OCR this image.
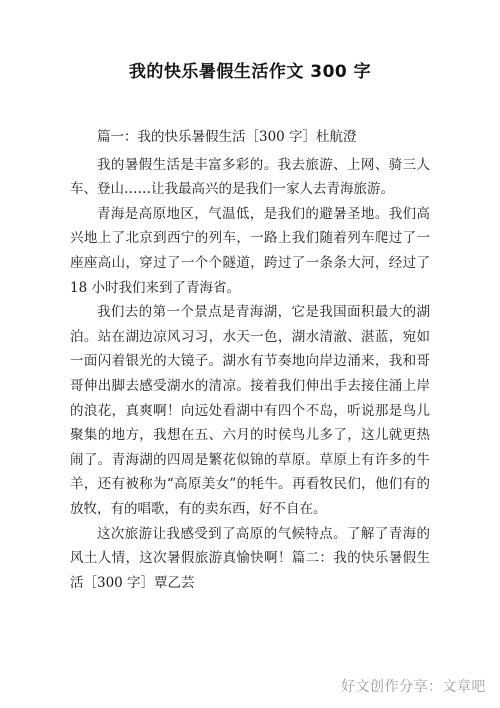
我的快乐暑假生活作文 300 字

篇一：我的快乐暑假生活［300 字］杜航澄

我的暑假生活是丰富多彩的。我去旅游、上网、骑三人车、登山……让我最高兴的是我们一家人去青海旅游。

青海是高原地区，气温低，是我们的避暑圣地。我们高兴地上了北京到西宁的列车，一路上我们随着列车爬过了一座座高山，穿过了一个个隧道，跨过了一条条大河，经过了 18 小时我们来到了青海省。

我们去的第一个景点是青海湖，它是我国面积最大的湖泊。站在湖边凉风习习，水天一色，湖水清澈、湛蓝，宛如一面闪着银光的大镜子。湖水有节奏地向岸边涌来，我和哥哥伸出脚去感受湖水的清凉。接着我们伸出手去接住涌上岸的浪花，真爽啊！向远处看湖中有四个不岛，听说那是鸟儿聚集的地方，我想在五、六月的时侯鸟儿多了，这儿就更热闹了。青海湖的四周是繁花似锦的草原。草原上有许多的牛羊，还有被称为“高原美女”的牦牛。再看牧民们，他们有的放牧，有的唱歌，有的卖东西，好不自在。

这次旅游让我感受到了高原的气候特点。了解了青海的风土人情，这次暑假旅游真愉快啊！篇二：我的快乐暑假生活［300 字］覃乙芸

好文创作分享：文章吧
